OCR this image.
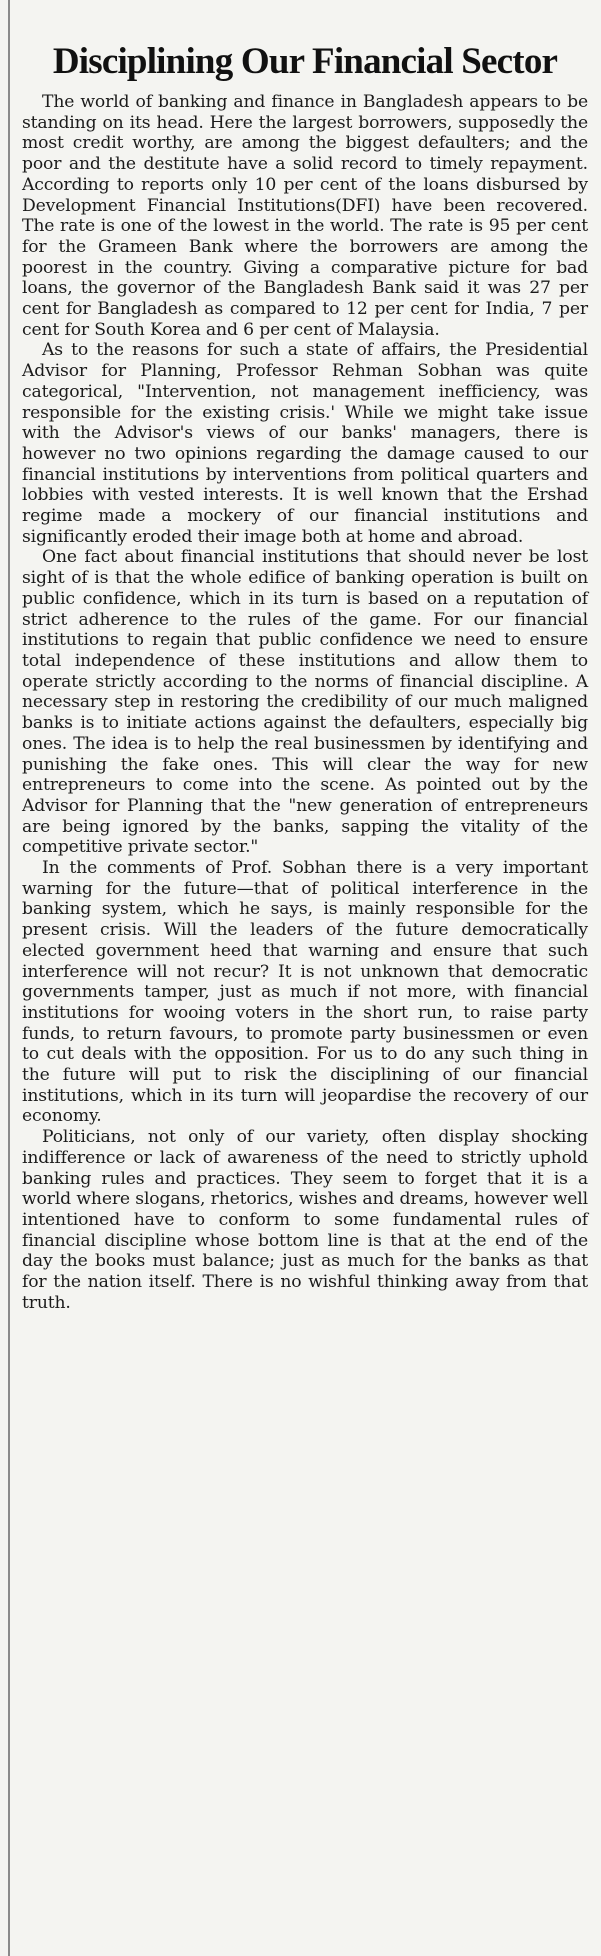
Disciplining Our Financial Sector

The world of banking and finance in Bangladesh appears to be standing on its head. Here the largest borrowers, supposedly the most credit worthy, are among the biggest defaulters; and the poor and the destitute have a solid record to timely repayment. According to reports only 10 per cent of the loans disbursed by Development Financial Institutions(DFI) have been recovered. The rate is one of the lowest in the world. The rate is 95 per cent for the Grameen Bank where the borrowers are among the poorest in the country. Giving a comparative picture for bad loans, the governor of the Bangladesh Bank said it was 27 per cent for Bangladesh as compared to 12 per cent for India, 7 per cent for South Korea and 6 per cent of Malaysia.

As to the reasons for such a state of affairs, the Presidential Advisor for Planning, Professor Rehman Sobhan was quite categorical, "Intervention, not management inefficiency, was responsible for the existing crisis.' While we might take issue with the Advisor's views of our banks' managers, there is however no two opinions regarding the damage caused to our financial institutions by interventions from political quarters and lobbies with vested interests. It is well known that the Ershad regime made a mockery of our financial institutions and significantly eroded their image both at home and abroad.

One fact about financial institutions that should never be lost sight of is that the whole edifice of banking operation is built on public confidence, which in its turn is based on a reputation of strict adherence to the rules of the game. For our financial institutions to regain that public confidence we need to ensure total independence of these institutions and allow them to operate strictly according to the norms of financial discipline. A necessary step in restoring the credibility of our much maligned banks is to initiate actions against the defaulters, especially big ones. The idea is to help the real businessmen by identifying and punishing the fake ones. This will clear the way for new entrepreneurs to come into the scene. As pointed out by the Advisor for Planning that the "new generation of entrepreneurs are being ignored by the banks, sapping the vitality of the competitive private sector."

In the comments of Prof. Sobhan there is a very important warning for the future—that of political interference in the banking system, which he says, is mainly responsible for the present crisis. Will the leaders of the future democratically elected government heed that warning and ensure that such interference will not recur? It is not unknown that democratic governments tamper, just as much if not more, with financial institutions for wooing voters in the short run, to raise party funds, to return favours, to promote party businessmen or even to cut deals with the opposition. For us to do any such thing in the future will put to risk the disciplining of our financial institutions, which in its turn will jeopardise the recovery of our economy.

Politicians, not only of our variety, often display shocking indifference or lack of awareness of the need to strictly uphold banking rules and practices. They seem to forget that it is a world where slogans, rhetorics, wishes and dreams, however well intentioned have to conform to some fundamental rules of financial discipline whose bottom line is that at the end of the day the books must balance; just as much for the banks as that for the nation itself. There is no wishful thinking away from that truth.
